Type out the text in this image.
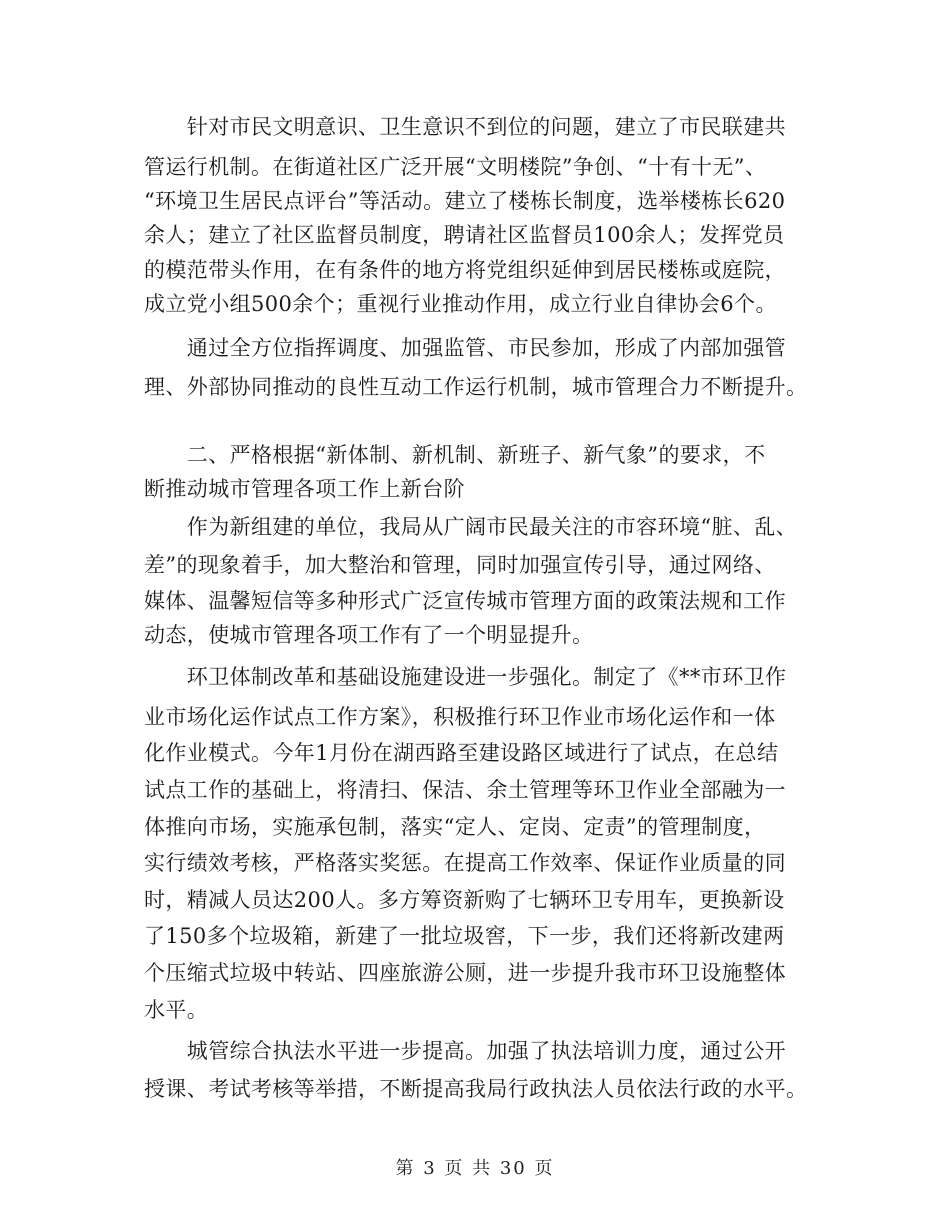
　　针对市民文明意识、卫生意识不到位的问题，建立了市民联建共
管运行机制。在街道社区广泛开展“文明楼院”争创、“十有十无”、
“环境卫生居民点评台”等活动。建立了楼栋长制度，选举楼栋长620
余人；建立了社区监督员制度，聘请社区监督员100余人；发挥党员
的模范带头作用，在有条件的地方将党组织延伸到居民楼栋或庭院，
成立党小组500余个；重视行业推动作用，成立行业自律协会6个。
　　通过全方位指挥调度、加强监管、市民参加，形成了内部加强管
理、外部协同推动的良性互动工作运行机制，城市管理合力不断提升。
　　二、严格根据“新体制、新机制、新班子、新气象”的要求，不
断推动城市管理各项工作上新台阶
　　作为新组建的单位，我局从广阔市民最关注的市容环境“脏、乱、
差”的现象着手，加大整治和管理，同时加强宣传引导，通过网络、
媒体、温馨短信等多种形式广泛宣传城市管理方面的政策法规和工作
动态，使城市管理各项工作有了一个明显提升。
　　环卫体制改革和基础设施建设进一步强化。制定了《**市环卫作
业市场化运作试点工作方案》，积极推行环卫作业市场化运作和一体
化作业模式。今年1月份在湖西路至建设路区域进行了试点，在总结
试点工作的基础上，将清扫、保洁、余土管理等环卫作业全部融为一
体推向市场，实施承包制，落实“定人、定岗、定责”的管理制度，
实行绩效考核，严格落实奖惩。在提高工作效率、保证作业质量的同
时，精减人员达200人。多方筹资新购了七辆环卫专用车，更换新设
了150多个垃圾箱，新建了一批垃圾窖，下一步，我们还将新改建两
个压缩式垃圾中转站、四座旅游公厕，进一步提升我市环卫设施整体
水平。
　　城管综合执法水平进一步提高。加强了执法培训力度，通过公开
授课、考试考核等举措，不断提高我局行政执法人员依法行政的水平。
第 3 页 共 30 页
